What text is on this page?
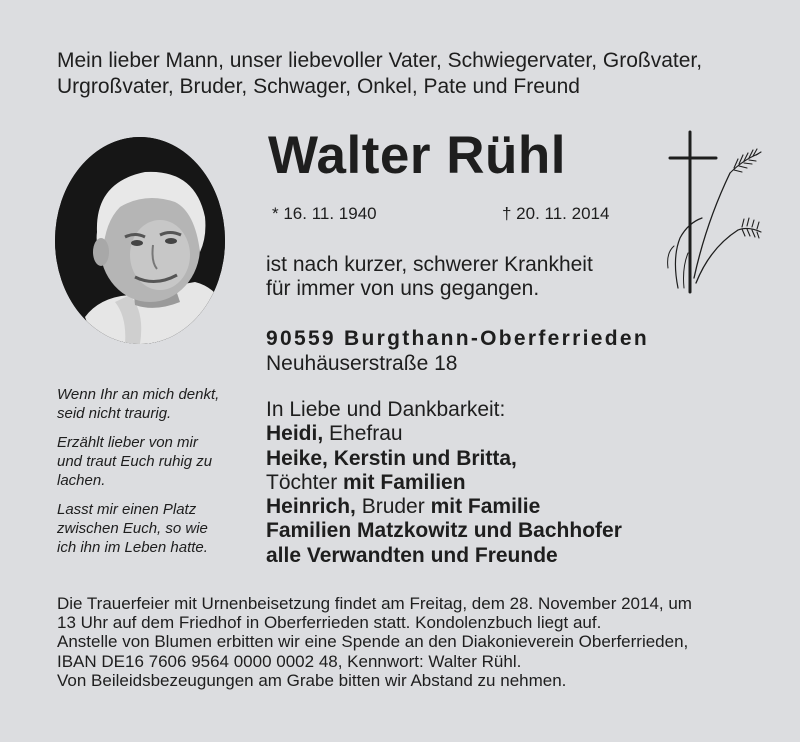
Mein lieber Mann, unser liebevoller Vater, Schwiegervater, Großvater,
Urgroßvater, Bruder, Schwager, Onkel, Pate und Freund
Walter Rühl
* 16. 11. 1940	† 20. 11. 2014
ist nach kurzer, schwerer Krankheit
für immer von uns gegangen.
90559 Burgthann-Oberferrieden
Neuhäuserstraße 18
Wenn Ihr an mich denkt,
seid nicht traurig.
Erzählt lieber von mir
und traut Euch ruhig zu
lachen.
Lasst mir einen Platz
zwischen Euch, so wie
ich ihn im Leben hatte.
In Liebe und Dankbarkeit:
Heidi, Ehefrau
Heike, Kerstin und Britta,
Töchter mit Familien
Heinrich, Bruder mit Familie
Familien Matzkowitz und Bachhofer
alle Verwandten und Freunde
Die Trauerfeier mit Urnenbeisetzung findet am Freitag, dem 28. November 2014, um
13 Uhr auf dem Friedhof in Oberferrieden statt. Kondolenzbuch liegt auf.
Anstelle von Blumen erbitten wir eine Spende an den Diakonieverein Oberferrieden,
IBAN DE16 7606 9564 0000 0002 48, Kennwort: Walter Rühl.
Von Beileidsbezeugungen am Grabe bitten wir Abstand zu nehmen.
